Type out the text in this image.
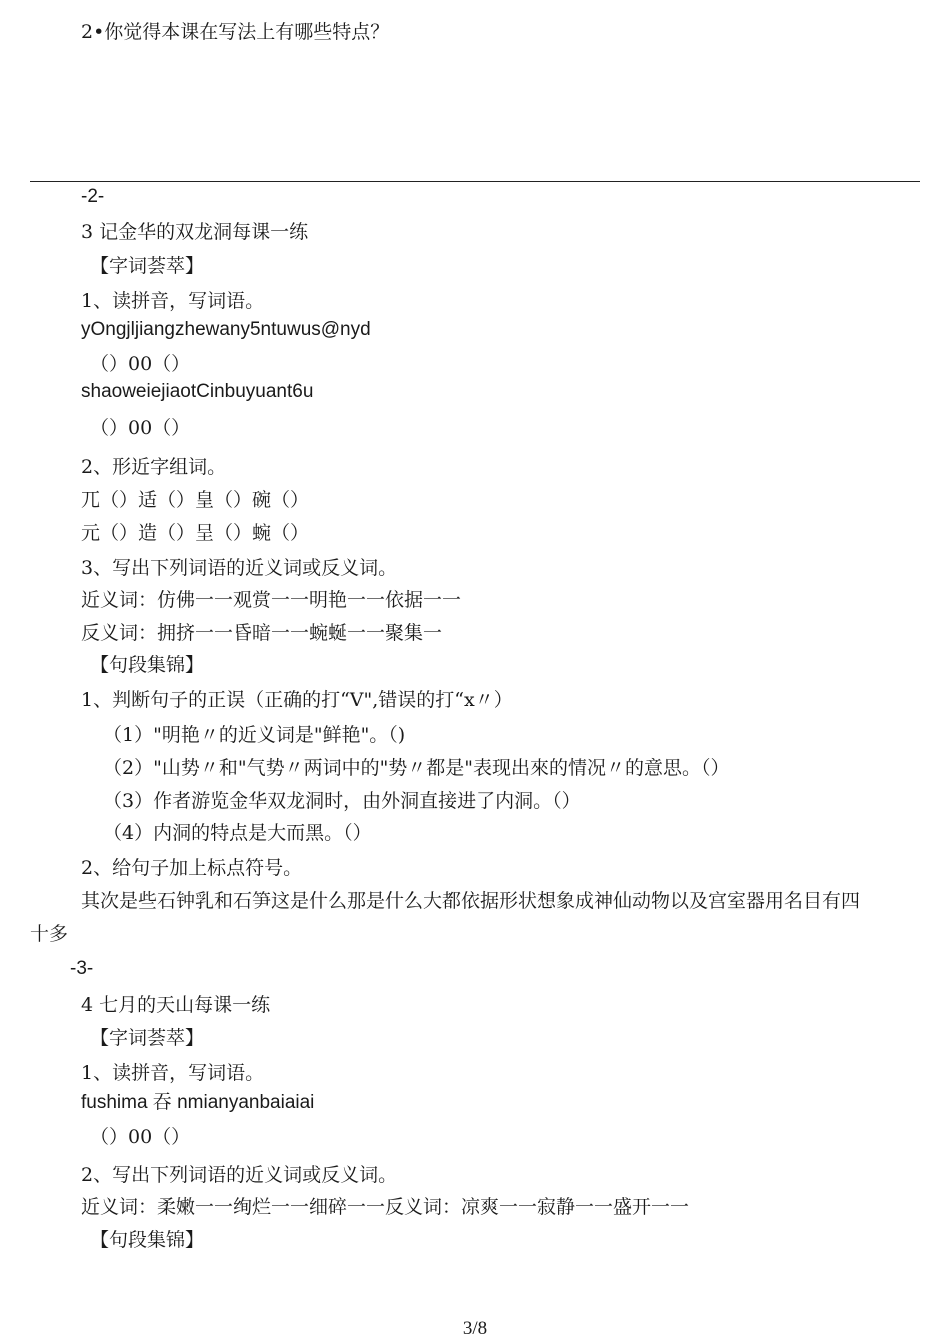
2•你觉得本课在写法上有哪些特点？
-2-
3 记金华的双龙洞每课一练
【字词荟萃】
1、读拼音，写词语。
yOngjljiangzhewany5ntuwus@nyd
（）00（）
shaoweiejiaotCinbuyuant6u
（）00（）
2、形近字组词。
兀（）适（）皇（）碗（）
元（）造（）呈（）蜿（）
3、写出下列词语的近义词或反义词。
近义词：仿佛一一观赏一一明艳一一依据一一
反义词：拥挤一一昏暗一一蜿蜒一一聚集一
【句段集锦】
1、判断句子的正误（正确的打“V",错误的打“x〃）
（1）"明艳〃的近义词是"鲜艳"。（)
（2）"山势〃和"气势〃两词中的"势〃都是"表现出來的情况〃的意思。（）
（3）作者游览金华双龙洞时，由外洞直接进了内洞。（）
（4）内洞的特点是大而黑。（）
2、给句子加上标点符号。
其次是些石钟乳和石笋这是什么那是什么大都依据形状想象成神仙动物以及宫室器用名目有四
十多
-3-
4 七月的天山每课一练
【字词荟萃】
1、读拼音，写词语。
fushima 吞 nmianyanbaiaiai
（）00（）
2、写出下列词语的近义词或反义词。
近义词：柔嫩一一绚烂一一细碎一一反义词：凉爽一一寂静一一盛开一一
【句段集锦】
3/8
